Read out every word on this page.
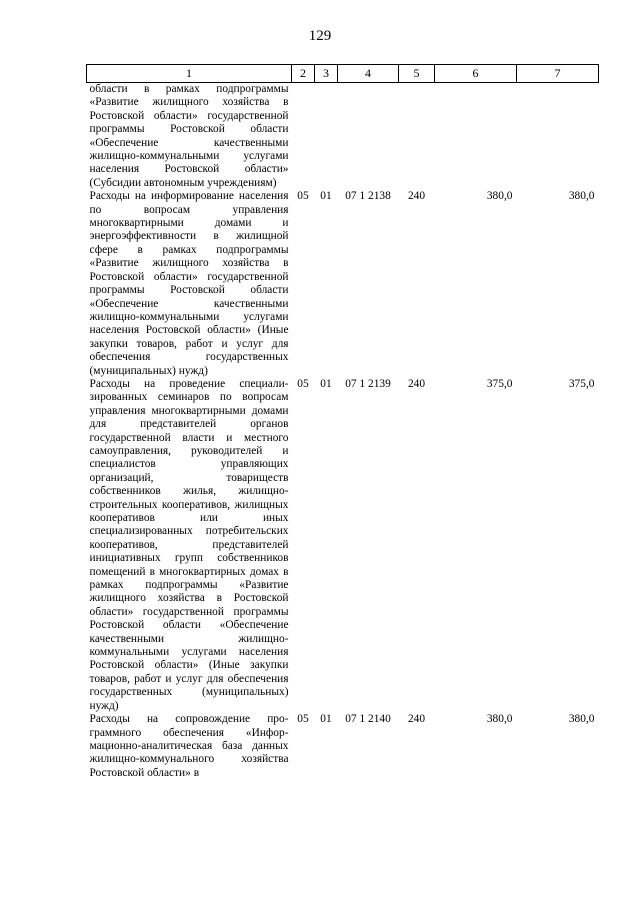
129
1	2	3	4	5	6	7
области в рамках подпрограммы «Развитие жилищного хозяйства в Ростовской области» государственной программы Ростовской области «Обеспечение качественными жилищно-коммунальными услугами населения Ростовской области» (Субсидии автономным учреждениям)						
Расходы на информирование населения по вопросам управления многоквартирными домами и энергоэффективности в жилищной сфере в рамках подпрограммы «Развитие жилищного хозяйства в Ростовской области» государственной программы Ростовской области «Обеспечение качественными жилищно-коммунальными услугами населения Ростовской области» (Иные закупки товаров, работ и услуг для обеспечения государственных (муниципальных) нужд)	05	01	07 1 2138	240	380,0	380,0
Расходы на проведение специализированных семинаров по вопросам управления многоквартирными домами для представителей органов государственной власти и местного самоуправления, руководителей и специалистов управляющих организаций, товариществ собственников жилья, жилищно-строительных кооперативов, жилищных кооперативов или иных специализированных потребительских кооперативов, представителей инициативных групп собственников помещений в многоквартирных домах в рамках подпрограммы «Развитие жилищного хозяйства в Ростовской области» государственной программы Ростовской области «Обеспечение качественными жилищно-коммунальными услугами населения Ростовской области» (Иные закупки товаров, работ и услуг для обеспечения государственных (муниципальных) нужд)	05	01	07 1 2139	240	375,0	375,0
Расходы на сопровождение программного обеспечения «Информационно-аналитическая база данных жилищно-коммунального хозяйства Ростовской области» в	05	01	07 1 2140	240	380,0	380,0
